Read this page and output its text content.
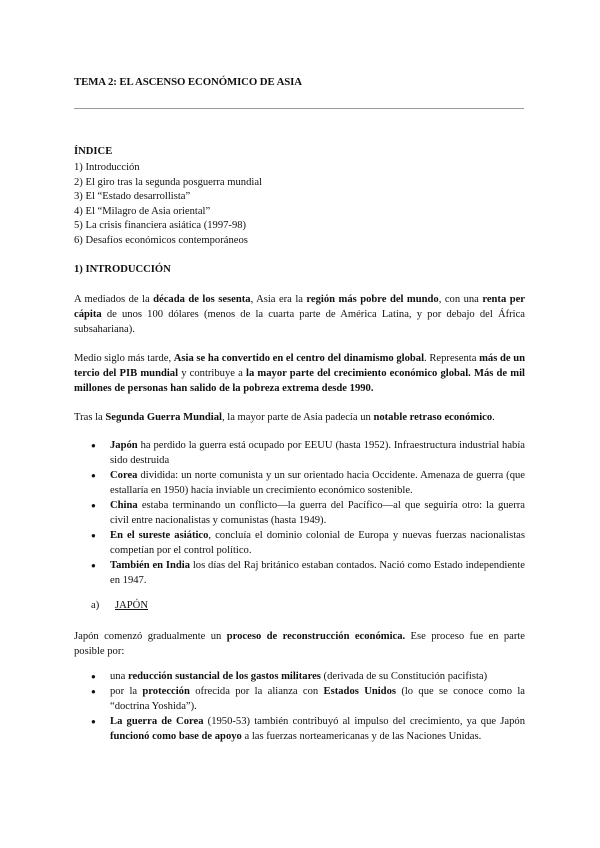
TEMA 2: EL ASCENSO ECONÓMICO DE ASIA
ÍNDICE
1) Introducción
2) El giro tras la segunda posguerra mundial
3) El “Estado desarrollista”
4) El “Milagro de Asia oriental”
5) La crisis financiera asiática (1997-98)
6) Desafíos económicos contemporáneos
1) INTRODUCCIÓN

A mediados de la década de los sesenta, Asia era la región más pobre del mundo, con una renta per cápita de unos 100 dólares (menos de la cuarta parte de América Latina, y por debajo del África subsahariana).

Medio siglo más tarde, Asia se ha convertido en el centro del dinamismo global. Representa más de un tercio del PIB mundial y contribuye a la mayor parte del crecimiento económico global. Más de mil millones de personas han salido de la pobreza extrema desde 1990.

Tras la Segunda Guerra Mundial, la mayor parte de Asia padecía un notable retraso económico.

● Japón ha perdido la guerra está ocupado por EEUU (hasta 1952). Infraestructura industrial había sido destruida
● Corea dividida: un norte comunista y un sur orientado hacia Occidente. Amenaza de guerra (que estallaría en 1950) hacía inviable un crecimiento económico sostenible.
● China estaba terminando un conflicto—la guerra del Pacífico—al que seguiría otro: la guerra civil entre nacionalistas y comunistas (hasta 1949).
● En el sureste asiático, concluía el dominio colonial de Europa y nuevas fuerzas nacionalistas competían por el control político.
● También en India los días del Raj británico estaban contados. Nació como Estado independiente en 1947.
a) JAPÓN

Japón comenzó gradualmente un proceso de reconstrucción económica. Ese proceso fue en parte posible por:

● una reducción sustancial de los gastos militares (derivada de su Constitución pacifista)
● por la protección ofrecida por la alianza con Estados Unidos (lo que se conoce como la “doctrina Yoshida”).
● La guerra de Corea (1950-53) también contribuyó al impulso del crecimiento, ya que Japón funcionó como base de apoyo a las fuerzas norteamericanas y de las Naciones Unidas.
